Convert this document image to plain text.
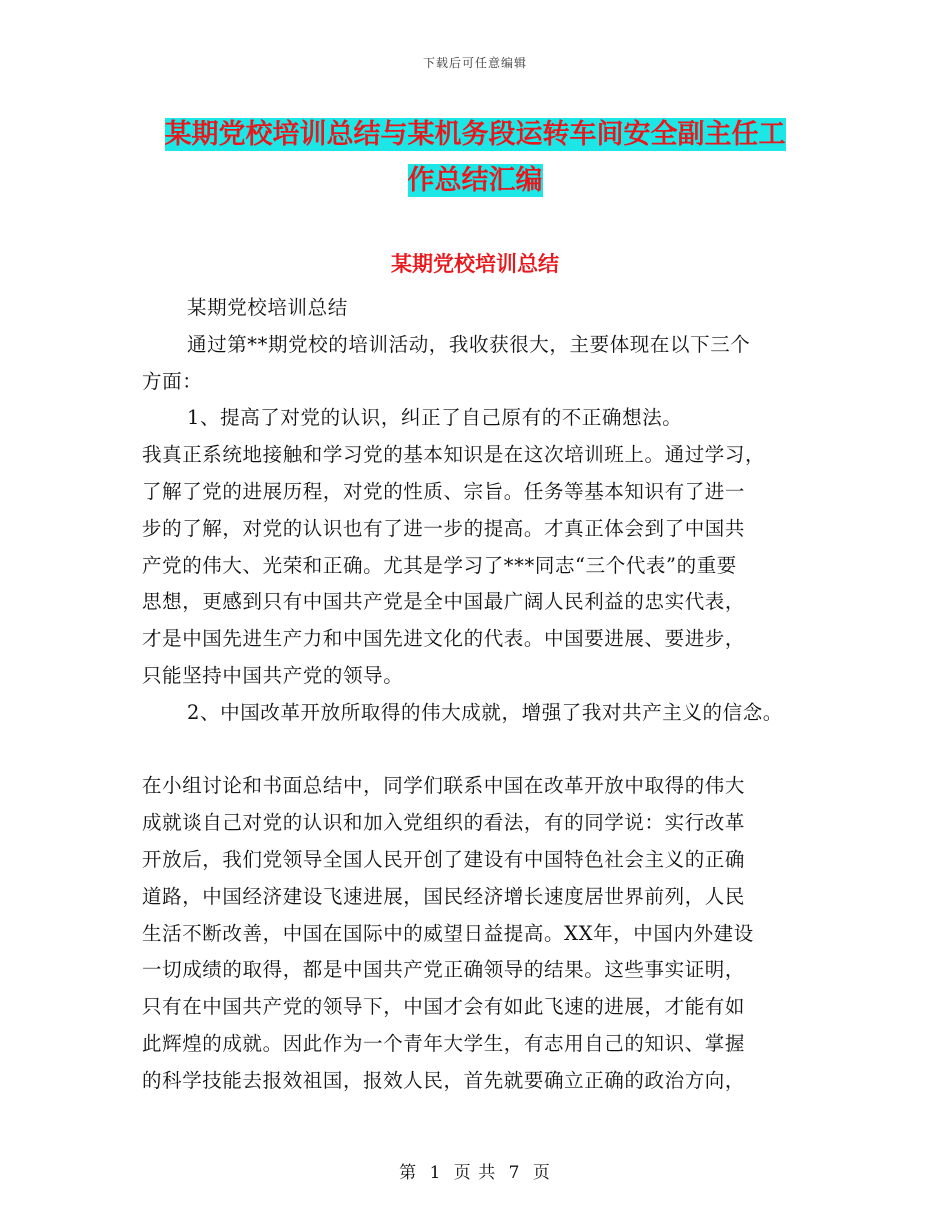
下载后可任意编辑
某期党校培训总结与某机务段运转车间安全副主任工
作总结汇编
某期党校培训总结
某期党校培训总结
通过第**期党校的培训活动，我收获很大，主要体现在以下三个
方面：
1、提高了对党的认识，纠正了自己原有的不正确想法。
我真正系统地接触和学习党的基本知识是在这次培训班上。通过学习，
了解了党的进展历程，对党的性质、宗旨。任务等基本知识有了进一
步的了解，对党的认识也有了进一步的提高。才真正体会到了中国共
产党的伟大、光荣和正确。尤其是学习了***同志“三个代表”的重要
思想，更感到只有中国共产党是全中国最广阔人民利益的忠实代表，
才是中国先进生产力和中国先进文化的代表。中国要进展、要进步，
只能坚持中国共产党的领导。
2、中国改革开放所取得的伟大成就，增强了我对共产主义的信念。
在小组讨论和书面总结中，同学们联系中国在改革开放中取得的伟大
成就谈自己对党的认识和加入党组织的看法，有的同学说：实行改革
开放后，我们党领导全国人民开创了建设有中国特色社会主义的正确
道路，中国经济建设飞速进展，国民经济增长速度居世界前列，人民
生活不断改善，中国在国际中的威望日益提高。XX年，中国内外建设
一切成绩的取得，都是中国共产党正确领导的结果。这些事实证明，
只有在中国共产党的领导下，中国才会有如此飞速的进展，才能有如
此辉煌的成就。因此作为一个青年大学生，有志用自己的知识、掌握
的科学技能去报效祖国，报效人民，首先就要确立正确的政治方向，
第 1 页 共 7 页
